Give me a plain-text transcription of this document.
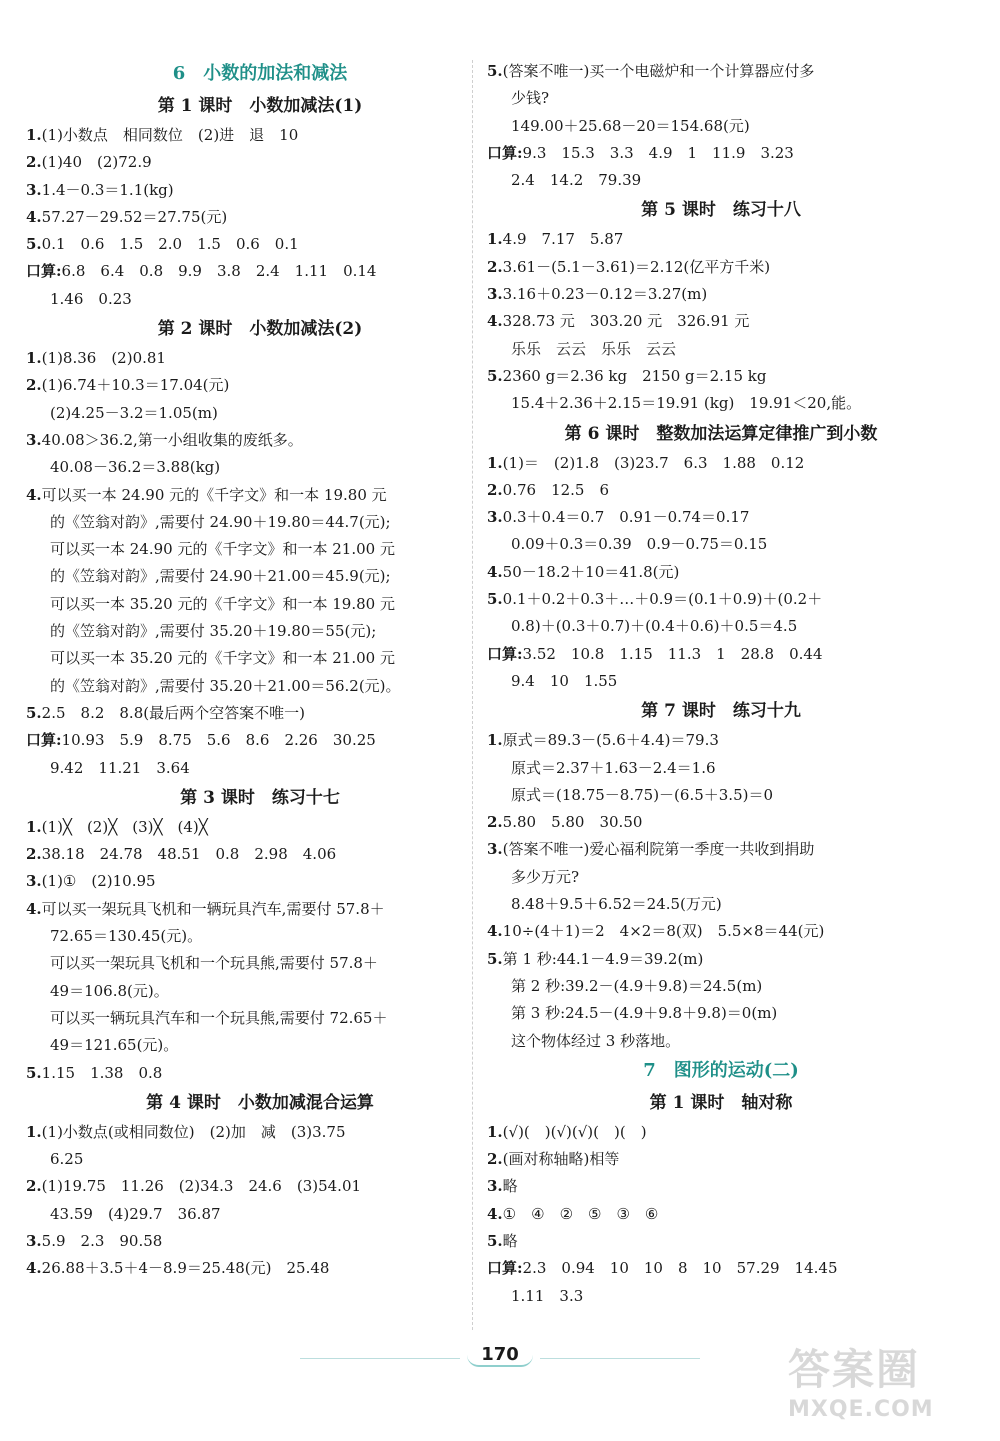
6　小数的加法和减法
第 1 课时　小数加减法(1)
1.(1)小数点　相同数位　(2)进　退　10
2.(1)40　(2)72.9
3.1.4－0.3＝1.1(kg)
4.57.27－29.52＝27.75(元)
5.0.1　0.6　1.5　2.0　1.5　0.6　0.1
口算:6.8　6.4　0.8　9.9　3.8　2.4　1.11　0.14
1.46　0.23
第 2 课时　小数加减法(2)
1.(1)8.36　(2)0.81
2.(1)6.74＋10.3＝17.04(元)
(2)4.25－3.2＝1.05(m)
3.40.08＞36.2,第一小组收集的废纸多。
40.08－36.2＝3.88(kg)
4.可以买一本 24.90 元的《千字文》和一本 19.80 元
的《笠翁对韵》,需要付 24.90＋19.80＝44.7(元);
可以买一本 24.90 元的《千字文》和一本 21.00 元
的《笠翁对韵》,需要付 24.90＋21.00＝45.9(元);
可以买一本 35.20 元的《千字文》和一本 19.80 元
的《笠翁对韵》,需要付 35.20＋19.80＝55(元);
可以买一本 35.20 元的《千字文》和一本 21.00 元
的《笠翁对韵》,需要付 35.20＋21.00＝56.2(元)。
5.2.5　8.2　8.8(最后两个空答案不唯一)
口算:10.93　5.9　8.75　5.6　8.6　2.26　30.25
9.42　11.21　3.64
第 3 课时　练习十七
1.(1)╳　(2)╳　(3)╳　(4)╳
2.38.18　24.78　48.51　0.8　2.98　4.06
3.(1)①　(2)10.95
4.可以买一架玩具飞机和一辆玩具汽车,需要付 57.8＋
72.65＝130.45(元)。
可以买一架玩具飞机和一个玩具熊,需要付 57.8＋
49＝106.8(元)。
可以买一辆玩具汽车和一个玩具熊,需要付 72.65＋
49＝121.65(元)。
5.1.15　1.38　0.8
第 4 课时　小数加减混合运算
1.(1)小数点(或相同数位)　(2)加　减　(3)3.75
6.25
2.(1)19.75　11.26　(2)34.3　24.6　(3)54.01
43.59　(4)29.7　36.87
3.5.9　2.3　90.58
4.26.88＋3.5＋4－8.9＝25.48(元)　25.48
5.(答案不唯一)买一个电磁炉和一个计算器应付多
少钱?
149.00＋25.68－20＝154.68(元)
口算:9.3　15.3　3.3　4.9　1　11.9　3.23
2.4　14.2　79.39
第 5 课时　练习十八
1.4.9　7.17　5.87
2.3.61－(5.1－3.61)＝2.12(亿平方千米)
3.3.16＋0.23－0.12＝3.27(m)
4.328.73 元　303.20 元　326.91 元
乐乐　云云　乐乐　云云
5.2360 g＝2.36 kg　2150 g＝2.15 kg
15.4＋2.36＋2.15＝19.91 (kg)　19.91＜20,能。
第 6 课时　整数加法运算定律推广到小数
1.(1)＝　(2)1.8　(3)23.7　6.3　1.88　0.12
2.0.76　12.5　6
3.0.3＋0.4＝0.7　0.91－0.74＝0.17
0.09＋0.3＝0.39　0.9－0.75＝0.15
4.50－18.2＋10＝41.8(元)
5.0.1＋0.2＋0.3＋…＋0.9＝(0.1＋0.9)＋(0.2＋
0.8)＋(0.3＋0.7)＋(0.4＋0.6)＋0.5＝4.5
口算:3.52　10.8　1.15　11.3　1　28.8　0.44
9.4　10　1.55
第 7 课时　练习十九
1.原式＝89.3－(5.6＋4.4)＝79.3
原式＝2.37＋1.63－2.4＝1.6
原式＝(18.75－8.75)－(6.5＋3.5)＝0
2.5.80　5.80　30.50
3.(答案不唯一)爱心福利院第一季度一共收到捐助
多少万元?
8.48＋9.5＋6.52＝24.5(万元)
4.10÷(4＋1)＝2　4×2＝8(双)　5.5×8＝44(元)
5.第 1 秒:44.1－4.9＝39.2(m)
第 2 秒:39.2－(4.9＋9.8)＝24.5(m)
第 3 秒:24.5－(4.9＋9.8＋9.8)＝0(m)
这个物体经过 3 秒落地。
7　图形的运动(二)
第 1 课时　轴对称
1.(√)(　)(√)(√)(　)(　)
2.(画对称轴略)相等
3.略
4.①　④　②　⑤　③　⑥
5.略
口算:2.3　0.94　10　10　8　10　57.29　14.45
1.11　3.3
170	答案圈
MXQE.COM
